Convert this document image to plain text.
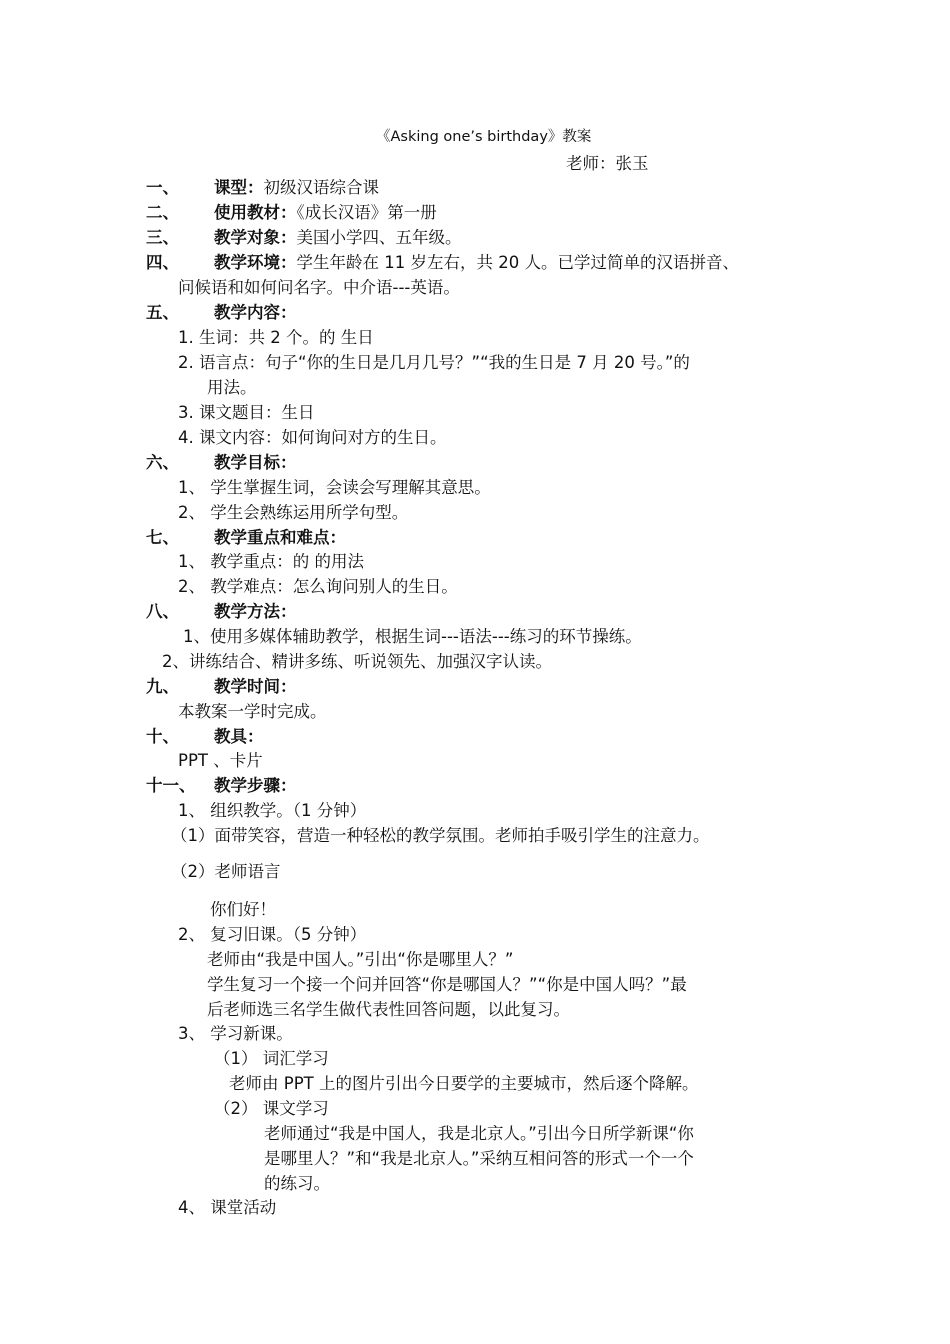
《Asking one’s birthday》教案
老师：张玉
一、 课型：初级汉语综合课
二、 使用教材：《成长汉语》第一册
三、 教学对象：美国小学四、五年级。
四、 教学环境：学生年龄在 11 岁左右，共 20 人。已学过简单的汉语拼音、
问候语和如何问名字。中介语---英语。
五、 教学内容：
1. 生词：共 2 个。的 生日
2. 语言点：句子“你的生日是几月几号？”“我的生日是 7 月 20 号。”的
用法。
3. 课文题目：生日
4. 课文内容：如何询问对方的生日。
六、 教学目标：
1、 学生掌握生词，会读会写理解其意思。
2、 学生会熟练运用所学句型。
七、 教学重点和难点：
1、 教学重点：的 的用法
2、 教学难点：怎么询问别人的生日。
八、 教学方法：
1、使用多媒体辅助教学，根据生词---语法---练习的环节操练。
2、讲练结合、精讲多练、听说领先、加强汉字认读。
九、 教学时间：
本教案一学时完成。
十、 教具：
PPT 、卡片
十一、 教学步骤：
1、 组织教学。（1 分钟）
（1）面带笑容，营造一种轻松的教学氛围。老师拍手吸引学生的注意力。
（2）老师语言
你们好！
2、 复习旧课。（5 分钟）
老师由“我是中国人。”引出“你是哪里人？”
学生复习一个接一个问并回答“你是哪国人？”“你是中国人吗？”最
后老师选三名学生做代表性回答问题，以此复习。
3、 学习新课。
（1） 词汇学习
老师由 PPT 上的图片引出今日要学的主要城市，然后逐个降解。
（2） 课文学习
老师通过“我是中国人，我是北京人。”引出今日所学新课“你
是哪里人？”和“我是北京人。”采纳互相问答的形式一个一个
的练习。
4、 课堂活动
